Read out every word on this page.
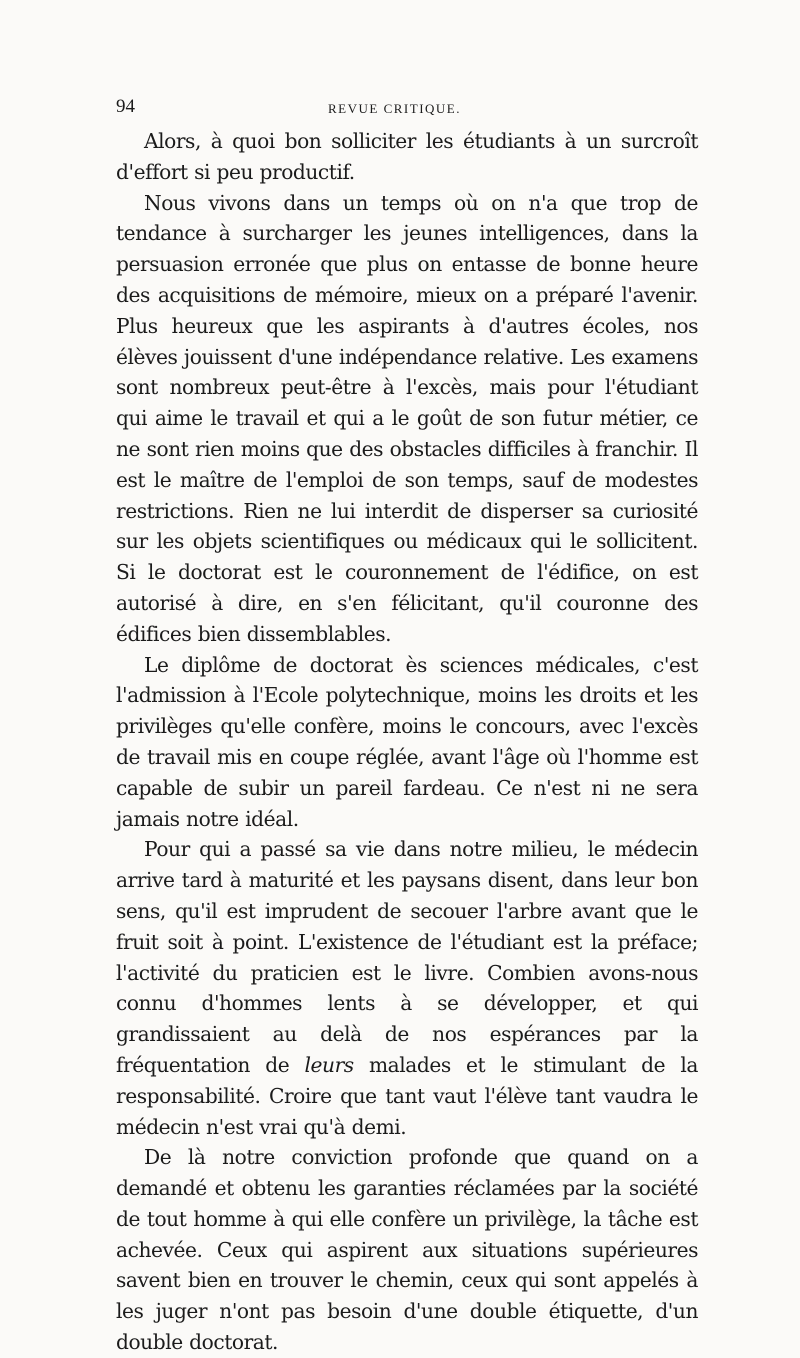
94	REVUE CRITIQUE.

Alors, à quoi bon solliciter les étudiants à un surcroît d'effort si peu productif.

Nous vivons dans un temps où on n'a que trop de tendance à surcharger les jeunes intelligences, dans la persuasion erronée que plus on entasse de bonne heure des acquisitions de mémoire, mieux on a préparé l'avenir. Plus heureux que les aspirants à d'autres écoles, nos élèves jouissent d'une indépendance relative. Les examens sont nombreux peut-être à l'excès, mais pour l'étudiant qui aime le travail et qui a le goût de son futur métier, ce ne sont rien moins que des obstacles difficiles à franchir. Il est le maître de l'emploi de son temps, sauf de modestes restrictions. Rien ne lui interdit de disperser sa curiosité sur les objets scientifiques ou médicaux qui le sollicitent. Si le doctorat est le couronnement de l'édifice, on est autorisé à dire, en s'en félicitant, qu'il couronne des édifices bien dissemblables.

Le diplôme de doctorat ès sciences médicales, c'est l'admission à l'Ecole polytechnique, moins les droits et les privilèges qu'elle confère, moins le concours, avec l'excès de travail mis en coupe réglée, avant l'âge où l'homme est capable de subir un pareil fardeau. Ce n'est ni ne sera jamais notre idéal.

Pour qui a passé sa vie dans notre milieu, le médecin arrive tard à maturité et les paysans disent, dans leur bon sens, qu'il est imprudent de secouer l'arbre avant que le fruit soit à point. L'existence de l'étudiant est la préface; l'activité du praticien est le livre. Combien avons-nous connu d'hommes lents à se développer, et qui grandissaient au delà de nos espérances par la fréquentation de leurs malades et le stimulant de la responsabilité. Croire que tant vaut l'élève tant vaudra le médecin n'est vrai qu'à demi.

De là notre conviction profonde que quand on a demandé et obtenu les garanties réclamées par la société de tout homme à qui elle confère un privilège, la tâche est achevée. Ceux qui aspirent aux situations supérieures savent bien en trouver le chemin, ceux qui sont appelés à les juger n'ont pas besoin d'une double étiquette, d'un double doctorat.
